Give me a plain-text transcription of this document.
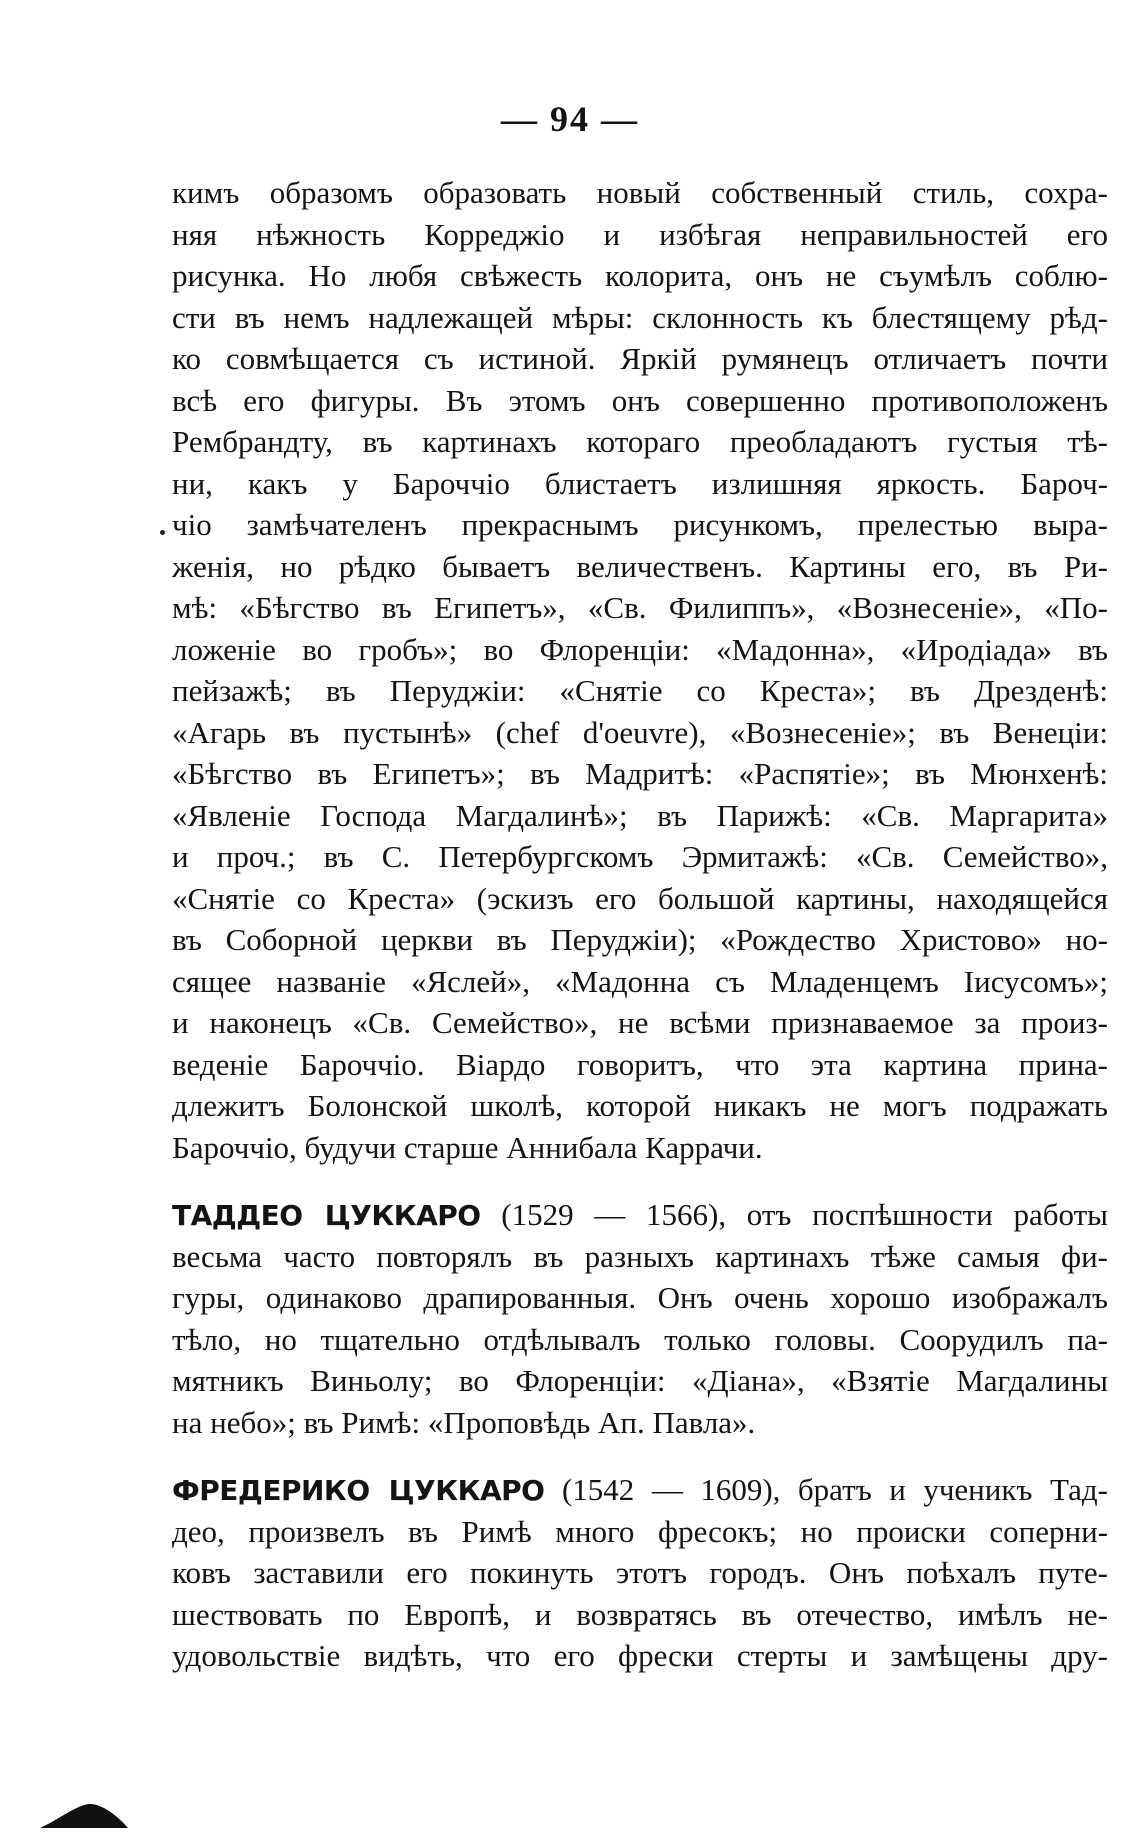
— 94 —
кимъ образомъ образовать новый собственный стиль, сохра-
няя нѣжность Корреджіо и избѣгая неправильностей его
рисунка. Но любя свѣжесть колорита, онъ не съумѣлъ соблю-
сти въ немъ надлежащей мѣры: склонность къ блестящему рѣд-
ко совмѣщается съ истиной. Яркій румянецъ отличаетъ почти
всѣ его фигуры. Въ этомъ онъ совершенно противоположенъ
Рембрандту, въ картинахъ котораго преобладаютъ густыя тѣ-
ни, какъ у Бароччіо блистаетъ излишняя яркость. Бароч-
чіо замѣчателенъ прекраснымъ рисункомъ, прелестью выра-
женія, но рѣдко бываетъ величественъ. Картины его, въ Ри-
мѣ: «Бѣгство въ Египетъ», «Св. Филиппъ», «Вознесеніе», «По-
ложеніе во гробъ»; во Флоренціи: «Мадонна», «Иродіада» въ
пейзажѣ; въ Перуджіи: «Снятіе со Креста»; въ Дрезденѣ:
«Агарь въ пустынѣ» (chef d'oeuvre), «Вознесеніе»; въ Венеціи:
«Бѣгство въ Египетъ»; въ Мадритѣ: «Распятіе»; въ Мюнхенѣ:
«Явленіе Господа Магдалинѣ»; въ Парижѣ: «Св. Маргарита»
и проч.; въ С. Петербургскомъ Эрмитажѣ: «Св. Семейство»,
«Снятіе со Креста» (эскизъ его большой картины, находящейся
въ Соборной церкви въ Перуджіи); «Рождество Христово» но-
сящее названіе «Яслей», «Мадонна съ Младенцемъ Іисусомъ»;
и наконецъ «Св. Семейство», не всѣми признаваемое за произ-
веденіе Бароччіо. Віардо говоритъ, что эта картина прина-
длежитъ Болонской школѣ, которой никакъ не могъ подражать
Бароччіо, будучи старше Аннибала Каррачи.
ТАДДЕО ЦУККАРО (1529 — 1566), отъ поспѣшности работы
весьма часто повторялъ въ разныхъ картинахъ тѣже самыя фи-
гуры, одинаково драпированныя. Онъ очень хорошо изображалъ
тѣло, но тщательно отдѣлывалъ только головы. Соорудилъ па-
мятникъ Виньолу; во Флоренціи: «Діана», «Взятіе Магдалины
на небо»; въ Римѣ: «Проповѣдь Ап. Павла».
ФРЕДЕРИКО ЦУККАРО (1542 — 1609), братъ и ученикъ Тад-
део, произвелъ въ Римѣ много фресокъ; но происки соперни-
ковъ заставили его покинуть этотъ городъ. Онъ поѣхалъ путе-
шествовать по Европѣ, и возвратясь въ отечество, имѣлъ не-
удовольствіе видѣть, что его фрески стерты и замѣщены дру-
